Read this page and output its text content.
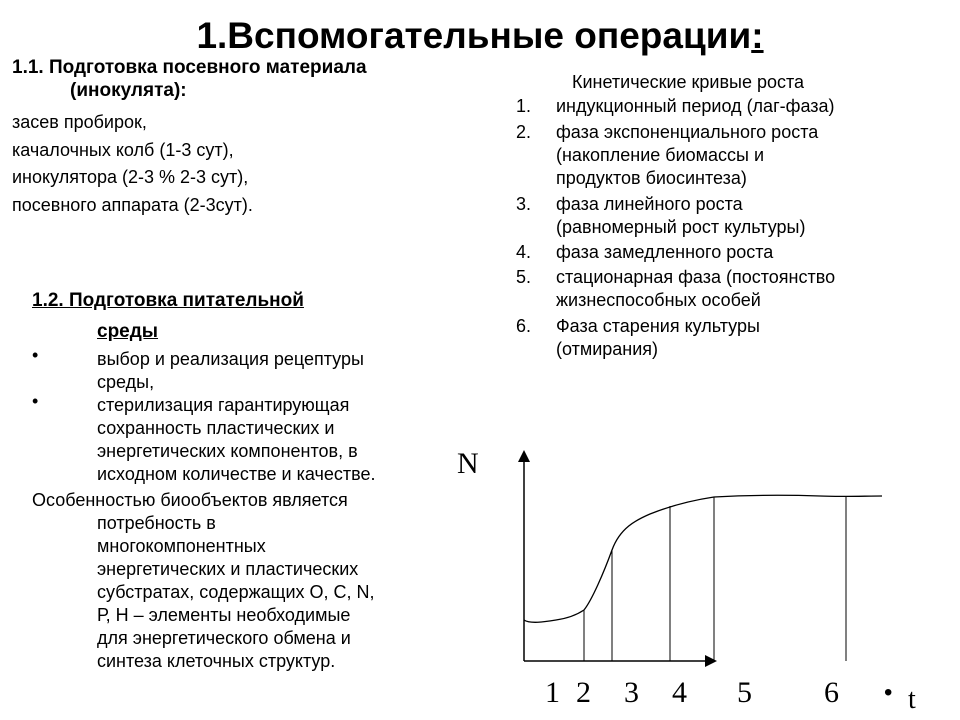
1.Вспомогательные операции:
1.1. Подготовка посевного материала
(инокулята):
засев пробирок,
качалочных колб (1-3 сут),
инокулятора (2-3 % 2-3 сут),
посевного аппарата (2-3сут).
1.2. Подготовка питательной
среды
•	выбор и реализация рецептуры
среды,
•	стерилизация гарантирующая
сохранность пластических и
энергетических компонентов, в
исходном количестве и качестве.
Особенностью биообъектов является
потребность в
многокомпонентных
энергетических и пластических
субстратах, содержащих О, С, N,
Р, Н – элементы необходимые
для энергетического обмена и
синтеза клеточных структур.
Кинетические кривые роста
1. индукционный период (лаг-фаза)
2. фаза экспоненциального роста
(накопление биомассы и
продуктов биосинтеза)
3. фаза линейного роста
(равномерный рост культуры)
4. фаза замедленного роста
5. стационарная фаза (постоянство
жизнеспособных особей
6. Фаза старения культуры
(отмирания)
N
t
1 2 3 4 5 6 •
